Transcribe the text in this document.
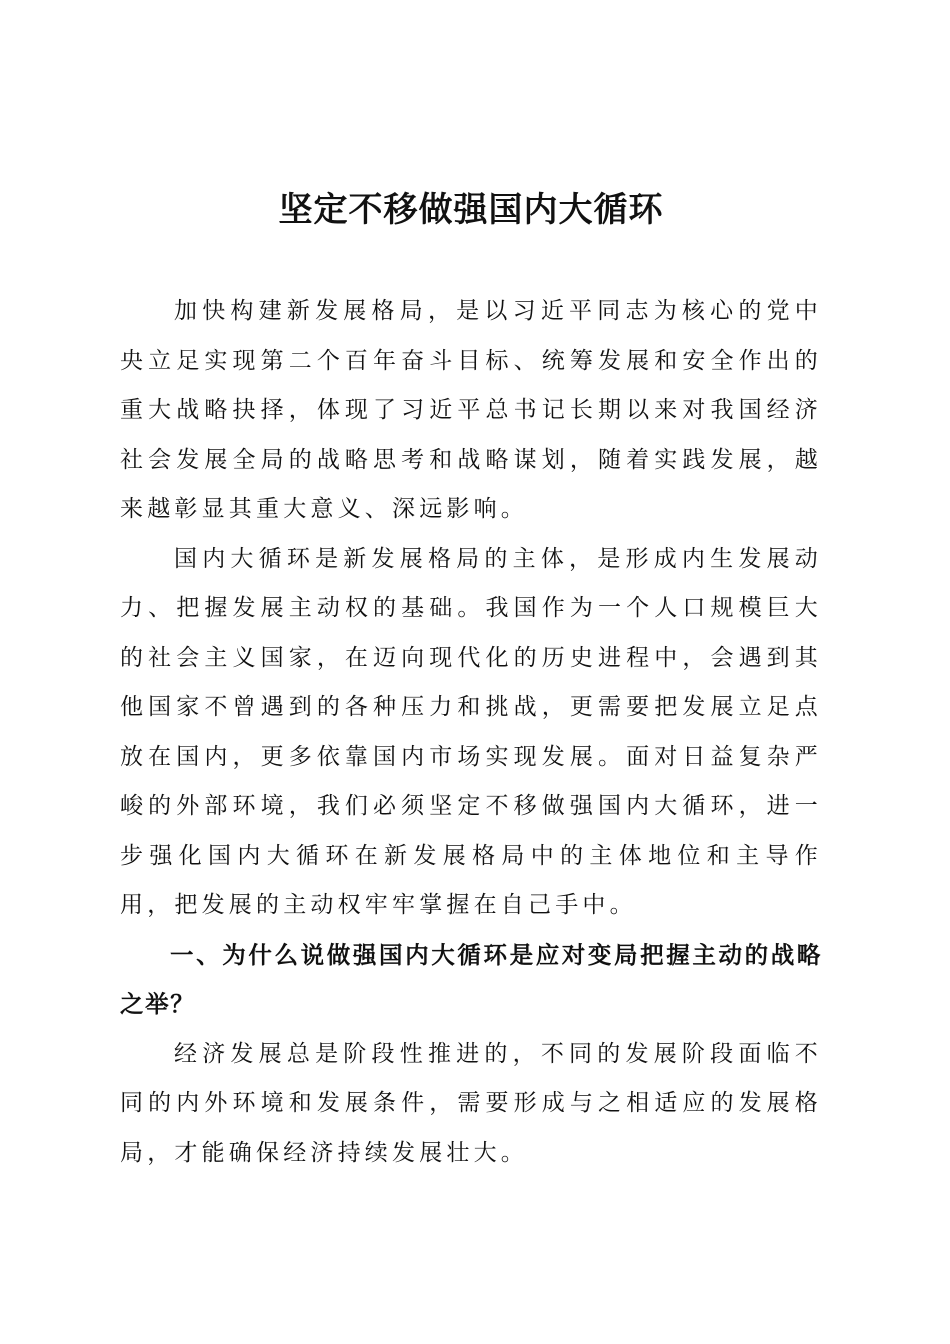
坚定不移做强国内大循环

加快构建新发展格局，是以习近平同志为核心的党中央立足实现第二个百年奋斗目标、统筹发展和安全作出的重大战略抉择，体现了习近平总书记长期以来对我国经济社会发展全局的战略思考和战略谋划，随着实践发展，越来越彰显其重大意义、深远影响。

国内大循环是新发展格局的主体，是形成内生发展动力、把握发展主动权的基础。我国作为一个人口规模巨大的社会主义国家，在迈向现代化的历史进程中，会遇到其他国家不曾遇到的各种压力和挑战，更需要把发展立足点放在国内，更多依靠国内市场实现发展。面对日益复杂严峻的外部环境，我们必须坚定不移做强国内大循环，进一步强化国内大循环在新发展格局中的主体地位和主导作用，把发展的主动权牢牢掌握在自己手中。

一、为什么说做强国内大循环是应对变局把握主动的战略之举？

经济发展总是阶段性推进的，不同的发展阶段面临不同的内外环境和发展条件，需要形成与之相适应的发展格局，才能确保经济持续发展壮大。
